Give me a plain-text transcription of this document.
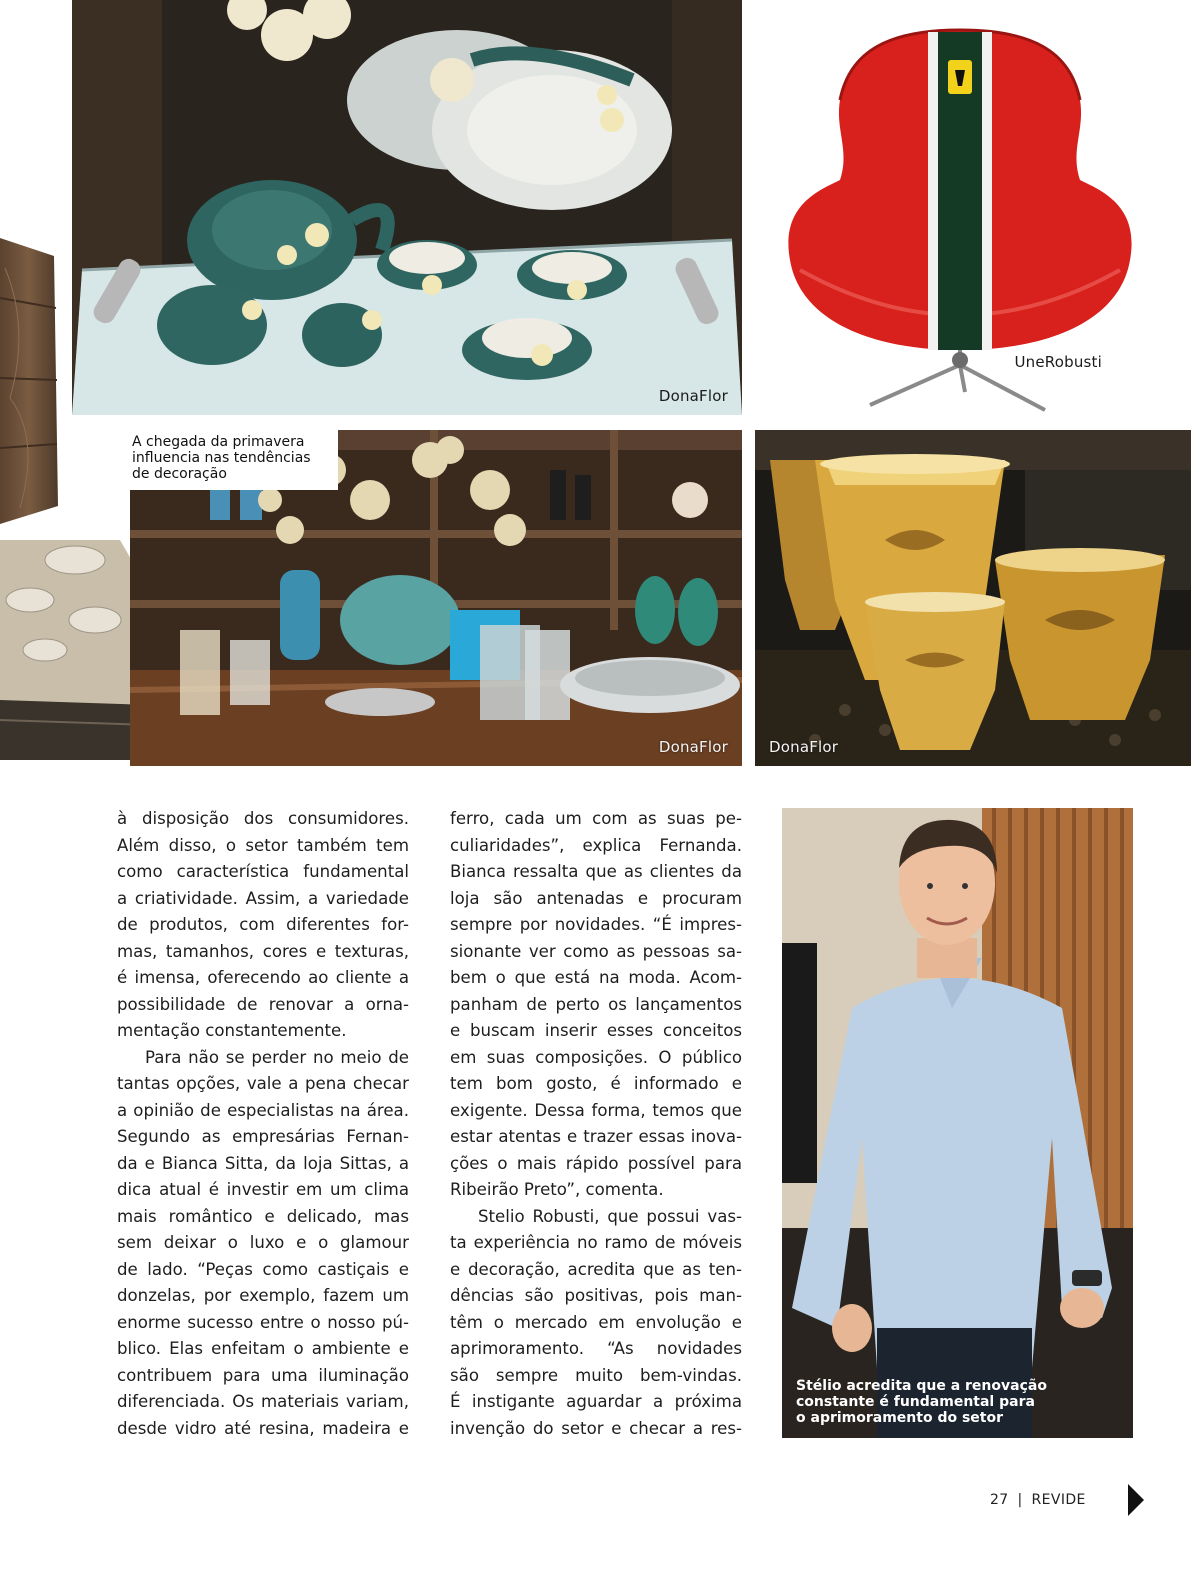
DonaFlor
UneRobusti
DonaFlor
A chegada da primavera
influencia nas tendências
de decoração
DonaFlor
à disposição dos consumidores.
Além disso, o setor também tem
como característica fundamental
a criatividade. Assim, a variedade
de produtos, com diferentes for-
mas, tamanhos, cores e texturas,
é imensa, oferecendo ao cliente a
possibilidade de renovar a orna-
mentação constantemente.
Para não se perder no meio de
tantas opções, vale a pena checar
a opinião de especialistas na área.
Segundo as empresárias Fernan-
da e Bianca Sitta, da loja Sittas, a
dica atual é investir em um clima
mais romântico e delicado, mas
sem deixar o luxo e o glamour
de lado. “Peças como castiçais e
donzelas, por exemplo, fazem um
enorme sucesso entre o nosso pú-
blico. Elas enfeitam o ambiente e
contribuem para uma iluminação
diferenciada. Os materiais variam,
desde vidro até resina, madeira e
ferro, cada um com as suas pe-
culiaridades”, explica Fernanda.
Bianca ressalta que as clientes da
loja são antenadas e procuram
sempre por novidades. “É impres-
sionante ver como as pessoas sa-
bem o que está na moda. Acom-
panham de perto os lançamentos
e buscam inserir esses conceitos
em suas composições. O público
tem bom gosto, é informado e
exigente. Dessa forma, temos que
estar atentas e trazer essas inova-
ções o mais rápido possível para
Ribeirão Preto”, comenta.
Stelio Robusti, que possui vas-
ta experiência no ramo de móveis
e decoração, acredita que as ten-
dências são positivas, pois man-
têm o mercado em envolução e
aprimoramento. “As novidades
são sempre muito bem-vindas.
É instigante aguardar a próxima
invenção do setor e checar a res-
Stélio acredita que a renovação
constante é fundamental para
o aprimoramento do setor
27 | REVIDE
